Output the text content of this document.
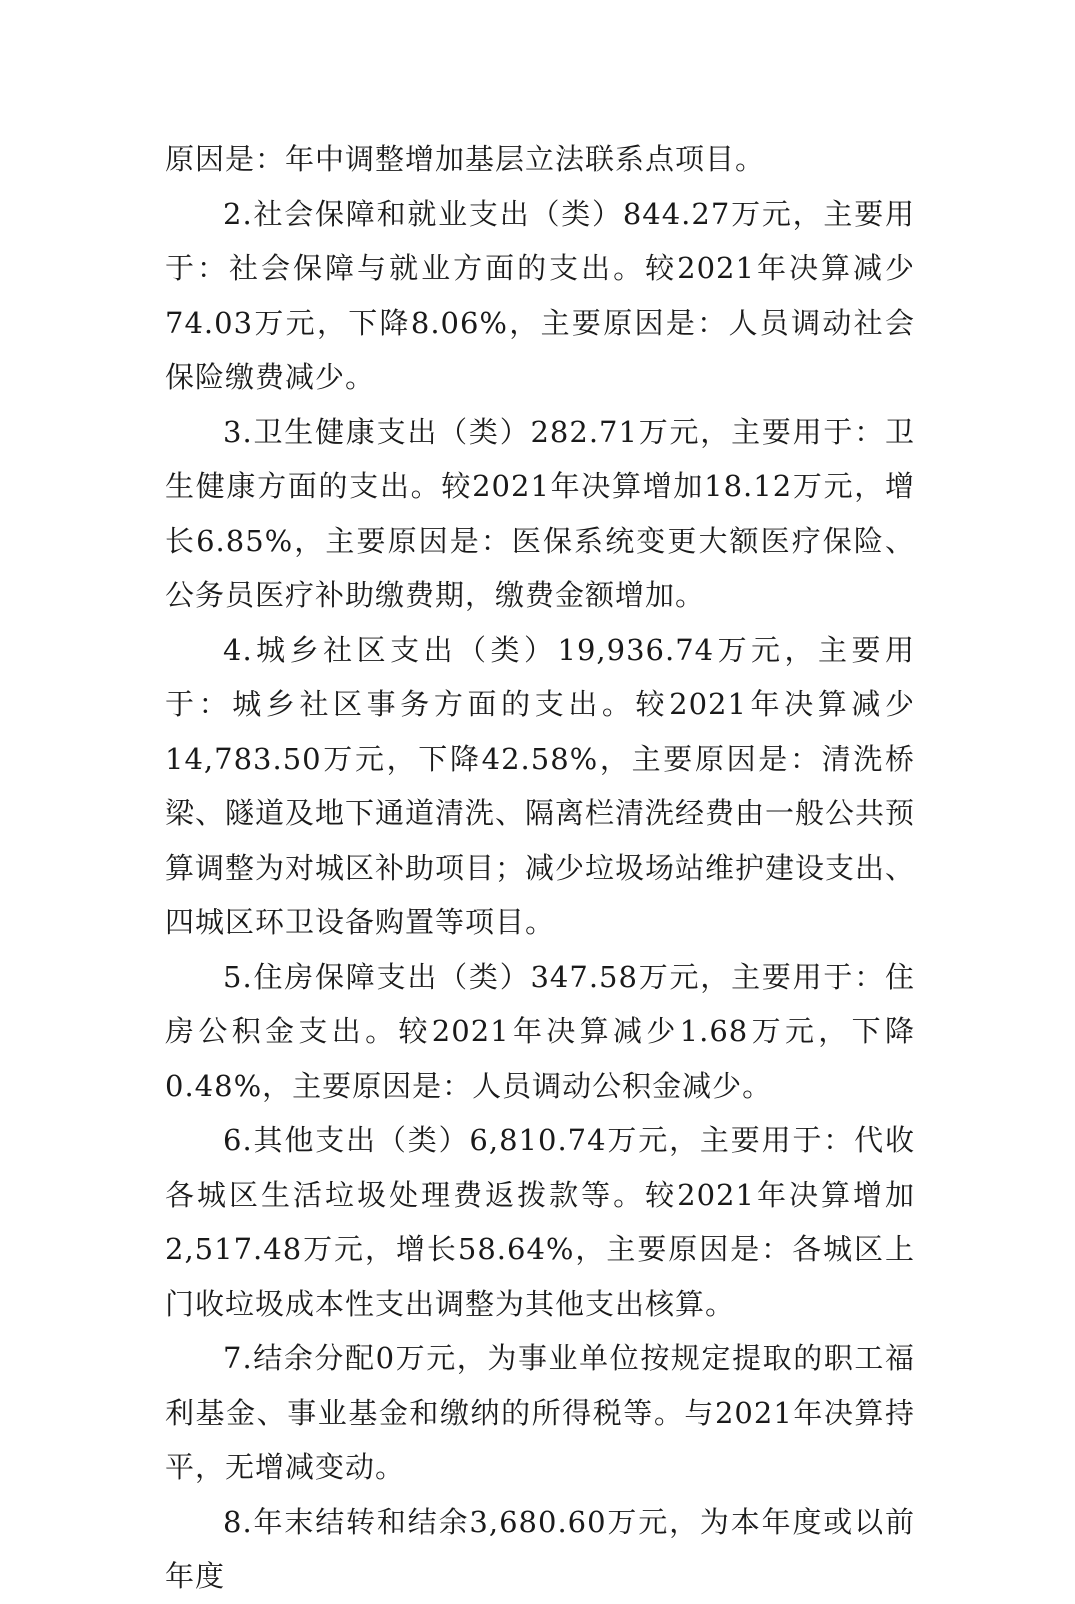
原因是：年中调整增加基层立法联系点项目。

2.社会保障和就业支出（类）844.27万元，主要用于：社会保障与就业方面的支出。较2021年决算减少74.03万元，下降8.06%，主要原因是：人员调动社会保险缴费减少。

3.卫生健康支出（类）282.71万元，主要用于：卫生健康方面的支出。较2021年决算增加18.12万元，增长6.85%，主要原因是：医保系统变更大额医疗保险、公务员医疗补助缴费期，缴费金额增加。

4.城乡社区支出（类）19,936.74万元，主要用于：城乡社区事务方面的支出。较2021年决算减少14,783.50万元，下降42.58%，主要原因是：清洗桥梁、隧道及地下通道清洗、隔离栏清洗经费由一般公共预算调整为对城区补助项目；减少垃圾场站维护建设支出、四城区环卫设备购置等项目。

5.住房保障支出（类）347.58万元，主要用于：住房公积金支出。较2021年决算减少1.68万元，下降0.48%，主要原因是：人员调动公积金减少。

6.其他支出（类）6,810.74万元，主要用于：代收各城区生活垃圾处理费返拨款等。较2021年决算增加2,517.48万元，增长58.64%，主要原因是：各城区上门收垃圾成本性支出调整为其他支出核算。

7.结余分配0万元，为事业单位按规定提取的职工福利基金、事业基金和缴纳的所得税等。与2021年决算持平，无增减变动。

8.年末结转和结余3,680.60万元，为本年度或以前年度
